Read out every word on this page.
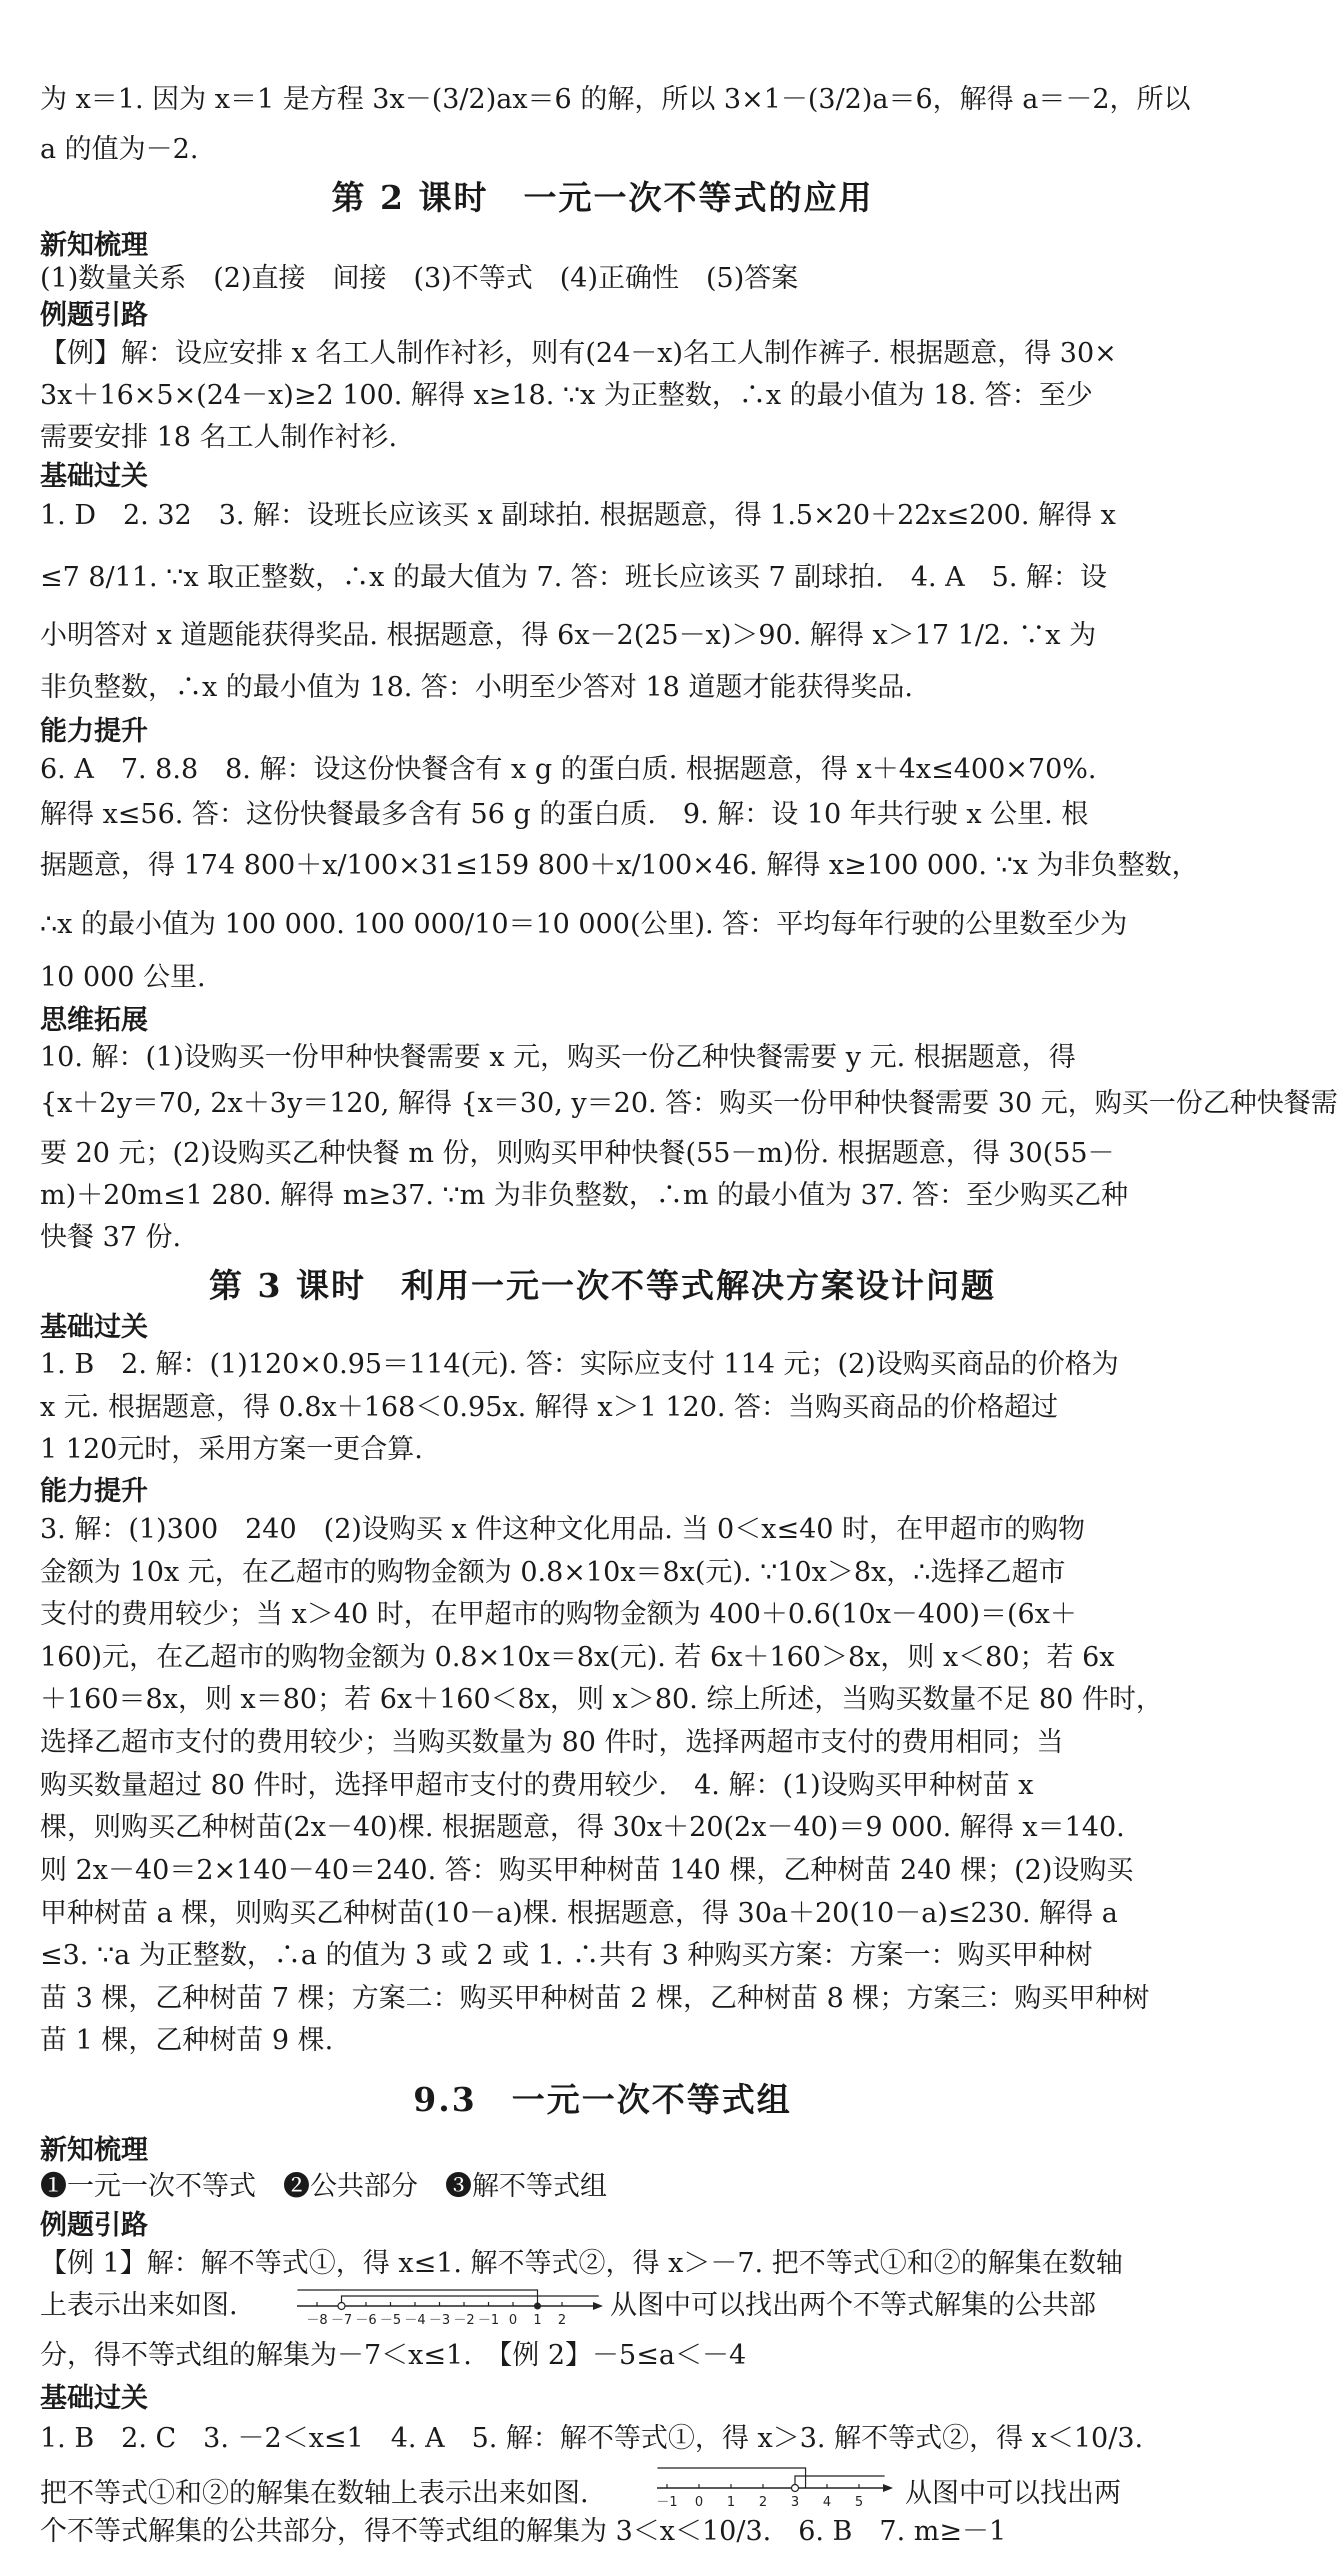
为 x＝1. 因为 x＝1 是方程 3x－(3/2)ax＝6 的解，所以 3×1－(3/2)a＝6，解得 a＝－2，所以
a 的值为－2.
第 2 课时　一元一次不等式的应用
新知梳理
(1)数量关系　(2)直接　间接　(3)不等式　(4)正确性　(5)答案
例题引路
【例】解：设应安排 x 名工人制作衬衫，则有(24－x)名工人制作裤子. 根据题意，得 30×
3x＋16×5×(24－x)≥2 100. 解得 x≥18. ∵x 为正整数，∴x 的最小值为 18. 答：至少
需要安排 18 名工人制作衬衫.
基础过关
1. D　2. 32　3. 解：设班长应该买 x 副球拍. 根据题意，得 1.5×20＋22x≤200. 解得 x
≤7 8/11. ∵x 取正整数，∴x 的最大值为 7. 答：班长应该买 7 副球拍.　4. A　5. 解：设
小明答对 x 道题能获得奖品. 根据题意，得 6x－2(25－x)＞90. 解得 x＞17 1/2. ∵x 为
非负整数，∴x 的最小值为 18. 答：小明至少答对 18 道题才能获得奖品.
能力提升
6. A　7. 8.8　8. 解：设这份快餐含有 x g 的蛋白质. 根据题意，得 x＋4x≤400×70%.
解得 x≤56. 答：这份快餐最多含有 56 g 的蛋白质.　9. 解：设 10 年共行驶 x 公里. 根
据题意，得 174 800＋x/100×31≤159 800＋x/100×46. 解得 x≥100 000. ∵x 为非负整数，
∴x 的最小值为 100 000. 100 000/10＝10 000(公里). 答：平均每年行驶的公里数至少为
10 000 公里.
思维拓展
10. 解：(1)设购买一份甲种快餐需要 x 元，购买一份乙种快餐需要 y 元. 根据题意，得
{x＋2y＝70, 2x＋3y＝120, 解得 {x＝30, y＝20. 答：购买一份甲种快餐需要 30 元，购买一份乙种快餐需
要 20 元；(2)设购买乙种快餐 m 份，则购买甲种快餐(55－m)份. 根据题意，得 30(55－
m)＋20m≤1 280. 解得 m≥37. ∵m 为非负整数，∴m 的最小值为 37. 答：至少购买乙种
快餐 37 份.
第 3 课时　利用一元一次不等式解决方案设计问题
基础过关
1. B　2. 解：(1)120×0.95＝114(元). 答：实际应支付 114 元；(2)设购买商品的价格为
x 元. 根据题意，得 0.8x＋168＜0.95x. 解得 x＞1 120. 答：当购买商品的价格超过
1 120元时，采用方案一更合算.
能力提升
3. 解：(1)300　240　(2)设购买 x 件这种文化用品. 当 0＜x≤40 时，在甲超市的购物
金额为 10x 元，在乙超市的购物金额为 0.8×10x＝8x(元). ∵10x＞8x，∴选择乙超市
支付的费用较少；当 x＞40 时，在甲超市的购物金额为 400＋0.6(10x－400)＝(6x＋
160)元，在乙超市的购物金额为 0.8×10x＝8x(元). 若 6x＋160＞8x，则 x＜80；若 6x
＋160＝8x，则 x＝80；若 6x＋160＜8x，则 x＞80. 综上所述，当购买数量不足 80 件时，
选择乙超市支付的费用较少；当购买数量为 80 件时，选择两超市支付的费用相同；当
购买数量超过 80 件时，选择甲超市支付的费用较少.　4. 解：(1)设购买甲种树苗 x
棵，则购买乙种树苗(2x－40)棵. 根据题意，得 30x＋20(2x－40)＝9 000. 解得 x＝140.
则 2x－40＝2×140－40＝240. 答：购买甲种树苗 140 棵，乙种树苗 240 棵；(2)设购买
甲种树苗 a 棵，则购买乙种树苗(10－a)棵. 根据题意，得 30a＋20(10－a)≤230. 解得 a
≤3. ∵a 为正整数，∴a 的值为 3 或 2 或 1. ∴共有 3 种购买方案：方案一：购买甲种树
苗 3 棵，乙种树苗 7 棵；方案二：购买甲种树苗 2 棵，乙种树苗 8 棵；方案三：购买甲种树
苗 1 棵，乙种树苗 9 棵.
9.3　一元一次不等式组
新知梳理
❶一元一次不等式　❷公共部分　❸解不等式组
例题引路
【例 1】解：解不等式①，得 x≤1. 解不等式②，得 x＞－7. 把不等式①和②的解集在数轴
上表示出来如图.	－8 －7 －6 －5 －4 －3 －2 －1 0 1 2 从图中可以找出两个不等式解集的公共部
分，得不等式组的解集为－7＜x≤1.　【例 2】－5≤a＜－4
基础过关
1. B　2. C　3. －2＜x≤1　4. A　5. 解：解不等式①，得 x＞3. 解不等式②，得 x＜10/3.
把不等式①和②的解集在数轴上表示出来如图.	－1 0 1 2 3 4 5 从图中可以找出两
个不等式解集的公共部分，得不等式组的解集为 3＜x＜10/3.　6. B　7. m≥－1
